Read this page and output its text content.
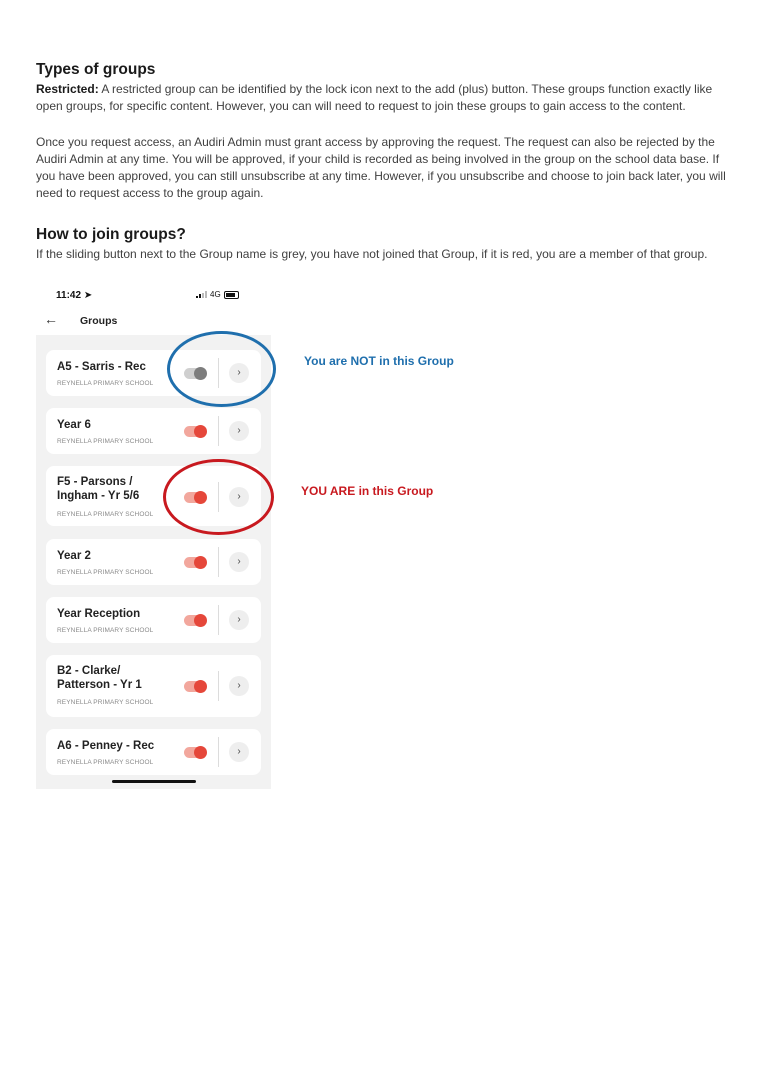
Types of groups

Restricted: A restricted group can be identified by the lock icon next to the add (plus) button. These groups function exactly like open groups, for specific content. However, you can will need to request to join these groups to gain access to the content.

Once you request access, an Audiri Admin must grant access by approving the request. The request can also be rejected by the Audiri Admin at any time. You will be approved, if your child is recorded as being involved in the group on the school data base. If you have been approved, you can still unsubscribe at any time. However, if you unsubscribe and choose to join back later, you will need to request access to the group again.

How to join groups?

If the sliding button next to the Group name is grey, you have not joined that Group, if it is red, you are a member of that group.

11:42 ➤	4G
← Groups
A5 - Sarris - Rec
REYNELLA PRIMARY SCHOOL
›
Year 6
REYNELLA PRIMARY SCHOOL
›
F5 - Parsons / Ingham - Yr 5/6
REYNELLA PRIMARY SCHOOL
›
Year 2
REYNELLA PRIMARY SCHOOL
›
Year Reception
REYNELLA PRIMARY SCHOOL
›
B2 - Clarke/ Patterson - Yr 1
REYNELLA PRIMARY SCHOOL
›
A6 - Penney - Rec
REYNELLA PRIMARY SCHOOL
›
You are NOT in this Group
YOU ARE in this Group
